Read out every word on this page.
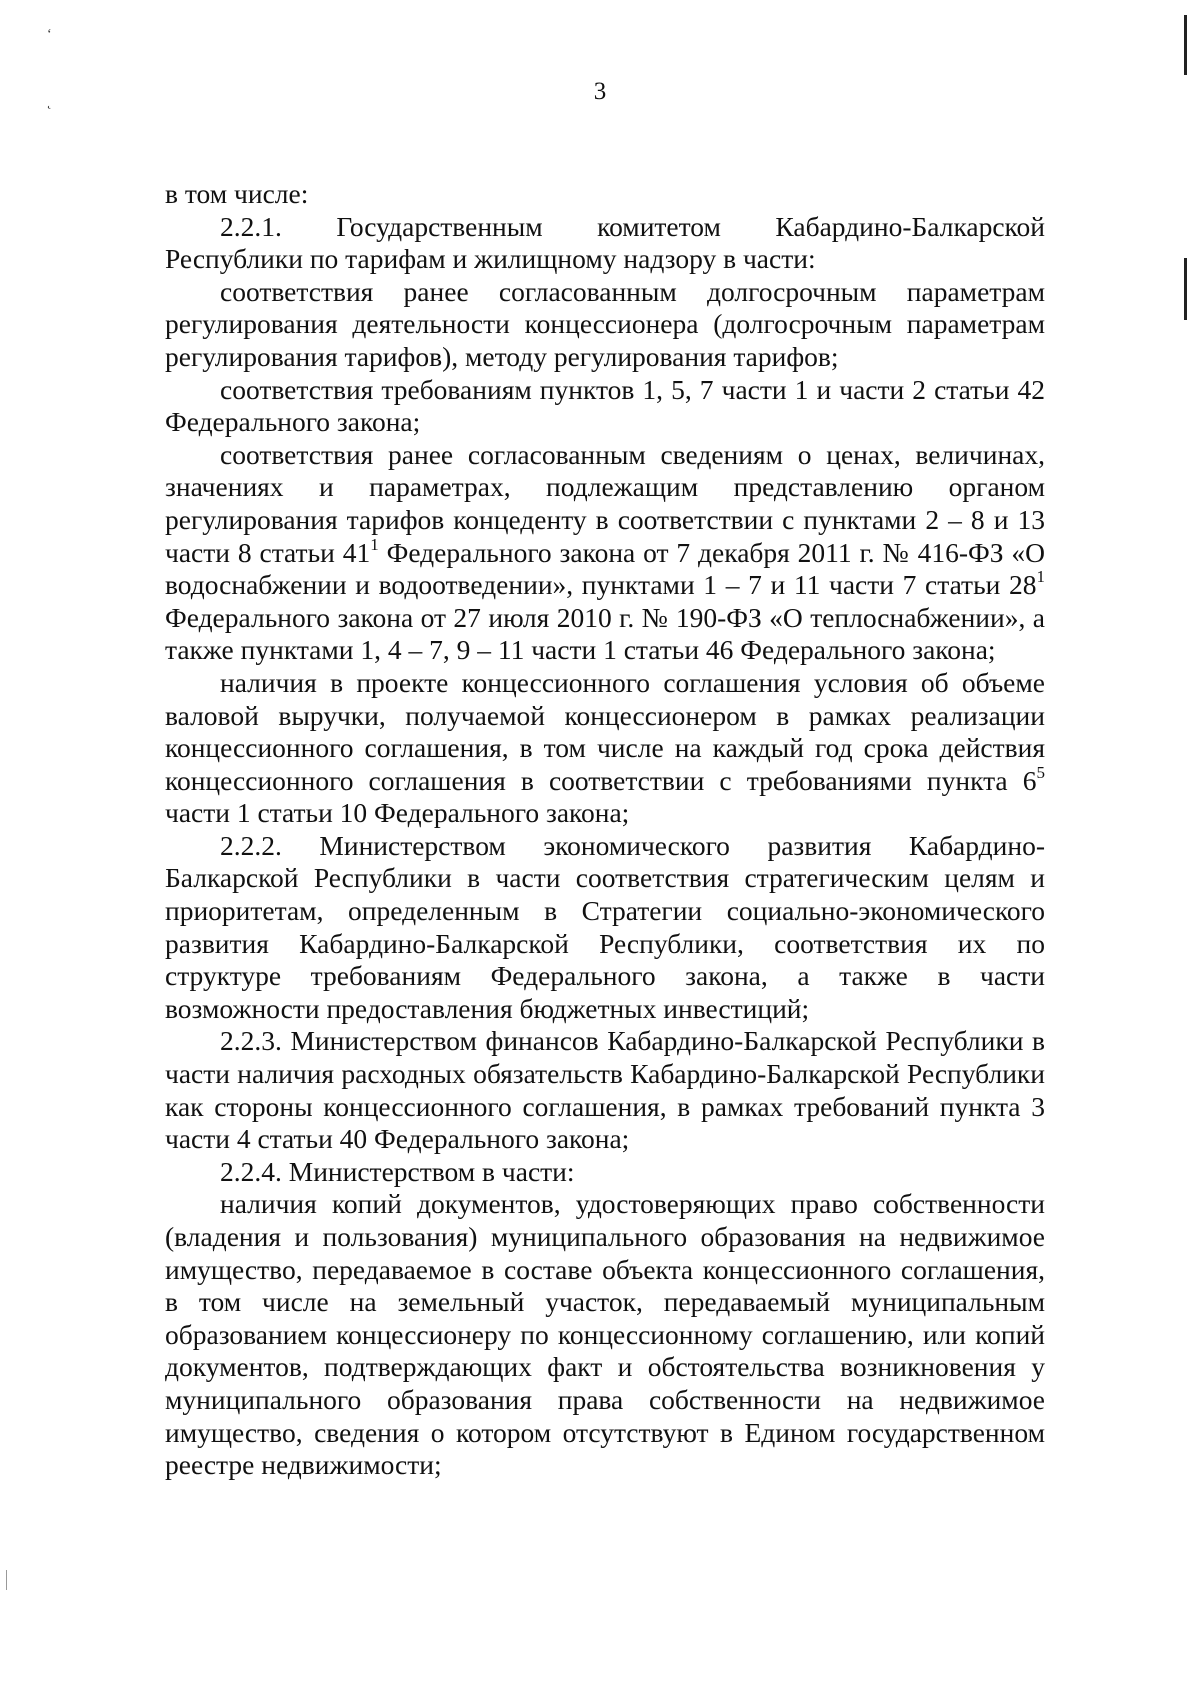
ʻ
˛	3

в том числе:

2.2.1. Государственным комитетом Кабардино-Балкарской Республики по тарифам и жилищному надзору в части:

соответствия ранее согласованным долгосрочным параметрам регулирования деятельности концессионера (долгосрочным параметрам регулирования тарифов), методу регулирования тарифов;

соответствия требованиям пунктов 1, 5, 7 части 1 и части 2 статьи 42 Федерального закона;

соответствия ранее согласованным сведениям о ценах, величинах, значениях и параметрах, подлежащим представлению органом регулирования тарифов концеденту в соответствии с пунктами 2 – 8 и 13 части 8 статьи $41^1$ Федерального закона от 7 декабря 2011 г. № 416-ФЗ «О водоснабжении и водоотведении», пунктами 1 – 7 и 11 части 7 статьи $28^1$ Федерального закона от 27 июля 2010 г. № 190-ФЗ «О теплоснабжении», а также пунктами 1, 4 – 7, 9 – 11 части 1 статьи 46 Федерального закона;

наличия в проекте концессионного соглашения условия об объеме валовой выручки, получаемой концессионером в рамках реализации концессионного соглашения, в том числе на каждый год срока действия концессионного соглашения в соответствии с требованиями пункта $6^5$ части 1 статьи 10 Федерального закона;

2.2.2. Министерством экономического развития Кабардино-Балкарской Республики в части соответствия стратегическим целям и приоритетам, определенным в Стратегии социально-экономического развития Кабардино-Балкарской Республики, соответствия их по структуре требованиям Федерального закона, а также в части возможности предоставления бюджетных инвестиций;

2.2.3. Министерством финансов Кабардино-Балкарской Республики в части наличия расходных обязательств Кабардино-Балкарской Республики как стороны концессионного соглашения, в рамках требований пункта 3 части 4 статьи 40 Федерального закона;

2.2.4. Министерством в части:

наличия копий документов, удостоверяющих право собственности (владения и пользования) муниципального образования на недвижимое имущество, передаваемое в составе объекта концессионного соглашения, в том числе на земельный участок, передаваемый муниципальным образованием концессионеру по концессионному соглашению, или копий документов, подтверждающих факт и обстоятельства возникновения у муниципального образования права собственности на недвижимое имущество, сведения о котором отсутствуют в Едином государственном реестре недвижимости;
